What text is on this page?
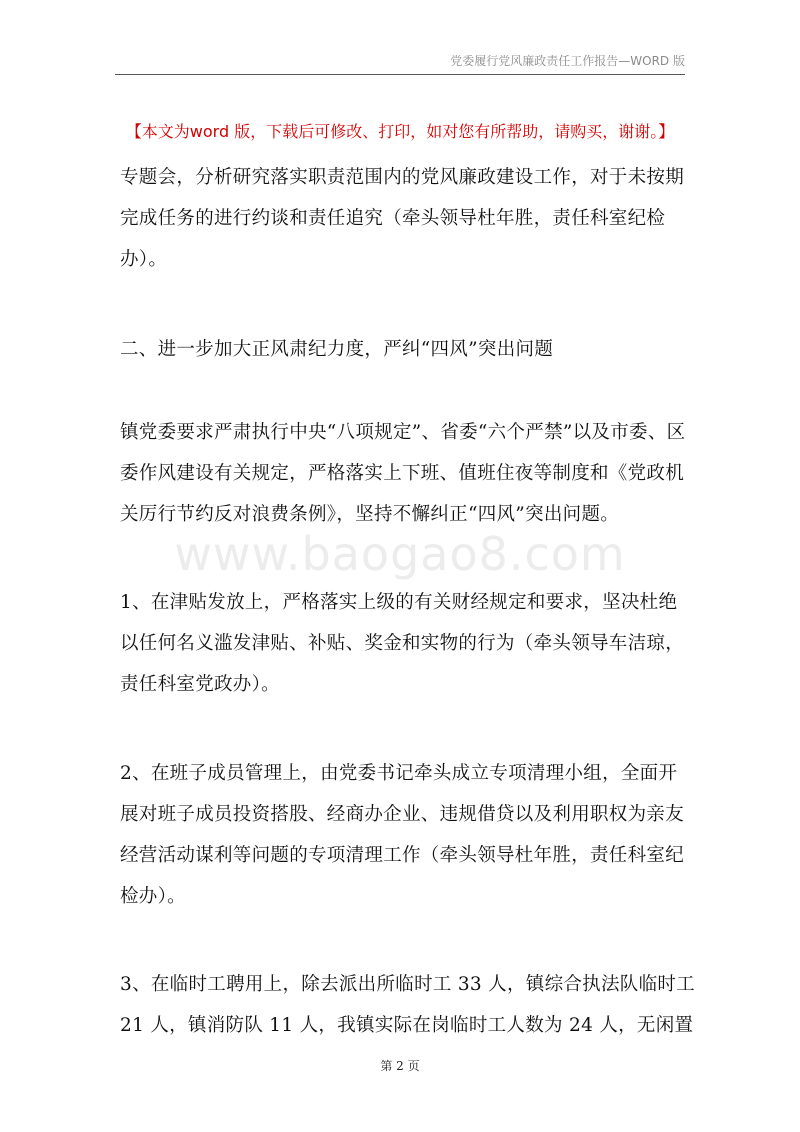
党委履行党风廉政责任工作报告—WORD 版
【本文为word 版，下载后可修改、打印，如对您有所帮助，请购买，谢谢。】
www.baogao8.com

专题会，分析研究落实职责范围内的党风廉政建设工作，对于未按期完成任务的进行约谈和责任追究（牵头领导杜年胜，责任科室纪检办）。

二、进一步加大正风肃纪力度，严纠“四风”突出问题

镇党委要求严肃执行中央“八项规定”、省委“六个严禁”以及市委、区委作风建设有关规定，严格落实上下班、值班住夜等制度和《党政机关厉行节约反对浪费条例》，坚持不懈纠正“四风”突出问题。

1、在津贴发放上，严格落实上级的有关财经规定和要求，坚决杜绝以任何名义滥发津贴、补贴、奖金和实物的行为（牵头领导车洁琼，责任科室党政办）。

2、在班子成员管理上，由党委书记牵头成立专项清理小组，全面开展对班子成员投资搭股、经商办企业、违规借贷以及利用职权为亲友经营活动谋利等问题的专项清理工作（牵头领导杜年胜，责任科室纪检办）。

3、在临时工聘用上，除去派出所临时工 33 人，镇综合执法队临时工 21 人，镇消防队 11 人，我镇实际在岗临时工人数为 24 人，无闲置

第 2 页
